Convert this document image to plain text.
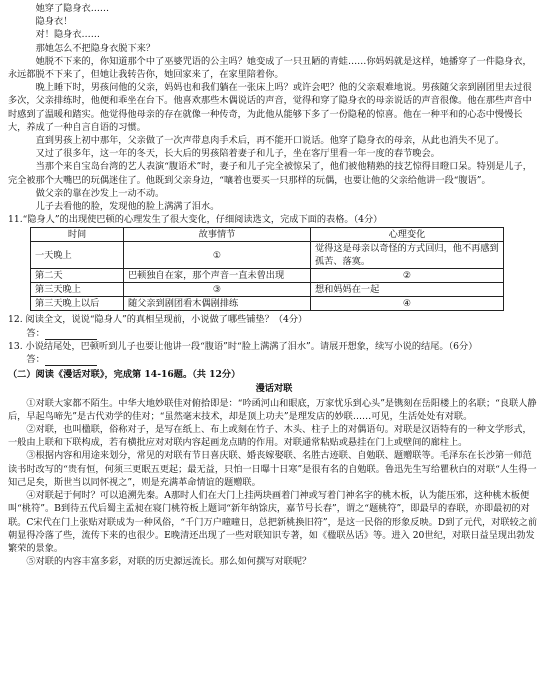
她穿了隐身衣……

隐身衣！

对！隐身衣……

那她怎么不把隐身衣脱下来？

她脱不下来的，你知道那个中了巫婆咒语的公主吗？她变成了一只丑陋的青蛙……你妈妈就是这样，她播穿了一件隐身衣，永远都脱不下来了，但她让我转告你，她回家来了，在家里陪着你。

晚上睡下时，男孩问他的父亲，妈妈也和我们躺在一张床上吗？或许会吧？他的父亲艰难地说。男孩随父亲到剧团里去过很多次，父亲排练时，他便和乖坐在台下。他喜欢那些木偶说话的声音，觉得和穿了隐身衣的母亲说话的声音很像。他在那些声音中时感到了温暖和踏实。他觉得他母亲的存在就像一种传奇，为此他从能够下多了一份隐秘的惊喜。他在一种平和的心态中慢慢长大，养成了一种自言自语的习惯。

直到男孩上初中那年，父亲做了一次声带息肉手术后，再不能开口说话。他穿了隐身衣的母亲，从此也消失不见了。

又过了很多年，这一年的冬天，长大后的男孩陪着妻子和儿子，坐在客厅里看一年一度的春节晚会。

当那个来自宝岛台湾的艺人表演“腹语术”时，妻子和儿子完全被惊呆了，他们被他精熟的技艺惊得目瞪口呆。特别是儿子，完全被那个大嘴巴的玩偶迷住了。他既到父亲身边，“嚷着也要买一只那样的玩偶，也要让他的父亲给他讲一段“腹语”。

做父亲的靠在沙发上一动不动。

儿子去看他的脸，发现他的脸上满满了泪水。

11.“隐身人”的出现使巴顿的心理发生了很大变化，仔细阅读选文，完成下面的表格。（4分）

时间	故事情节	心理变化
一天晚上	①	觉得这是母亲以奇怪的方式回归，他不再感到孤苦、落寞。
第二天	巴顿独自在家，那个声音一直未曾出现	②
第三天晚上	③	想和妈妈在一起
第三天晚上以后	随父亲到剧团看木偶剧排练	④

12. 阅读全文，说说“隐身人”的真相呈现前，小说做了哪些铺垫？（4分）

答：

13. 小说结尾处，巴顿听到儿子也要让他讲一段“腹语”时“脸上满满了泪水”。请展开想象，续写小说的结尾。（6分）

答：

（二）阅读《漫话对联》，完成第 14-16题。（共 12分）

漫话对联

①对联大家都不陌生。中华大地妙联佳对俯拾即是：“吟函河山和眼底，万家忧乐到心头”是镌刻在岳阳楼上的名联；“良联人静后，早起鸟啼先”是古代劝学的佳对；“虽然毫末技术，却是顶上功夫”是理发店的妙联……可见，生活处处有对联。

②对联，也叫楹联，俗称对子，是写在纸上、布上或刻在竹子、木头、柱子上的对偶语句。对联是汉语特有的一种文学形式，一般由上联和下联构成，若有横批应对对联内容起画龙点睛的作用。对联通常粘贴或悬挂在门上或壁间的廊柱上。

③根据内容和用途来划分，常见的对联有节日喜庆联、婚丧嫁娶联、名胜古迹联、自勉联、题赠联等。毛泽东在长沙第一师范读书时改写的“贵有恒，何须三更眠五更起；最无益，只怕一日曝十日寒”是很有名的自勉联。鲁迅先生写给瞿秋白的对联“人生得一知己足矣，斯世当以同怀视之”，则是充满革命情谊的题赠联。

④对联起于何时？可以追溯先秦。A那时人们在大门上挂两块画着门神或写着门神名字的桃木板，认为能压邪，这种桃木板便叫“桃符”。B到待五代后蜀主孟昶在寝门桃符板上题词“新年纳馀庆，嘉节号长春”，谓之“题桃符”，即最早的春联，亦即最初的对联。C宋代在门上张贴对联成为一种风俗，“千门万户曈曈日，总把新桃换旧符”，是这一民俗的形象反映。D到了元代，对联较之前朝显得冷落了些，流传下来的也很少。E晚清还出现了一些对联知识专著，如《楹联丛话》等。进入 20世纪，对联日益呈现出勃发繁荣的景象。

⑤对联的内容丰富多彩，对联的历史源远流长。那么如何撰写对联呢？
